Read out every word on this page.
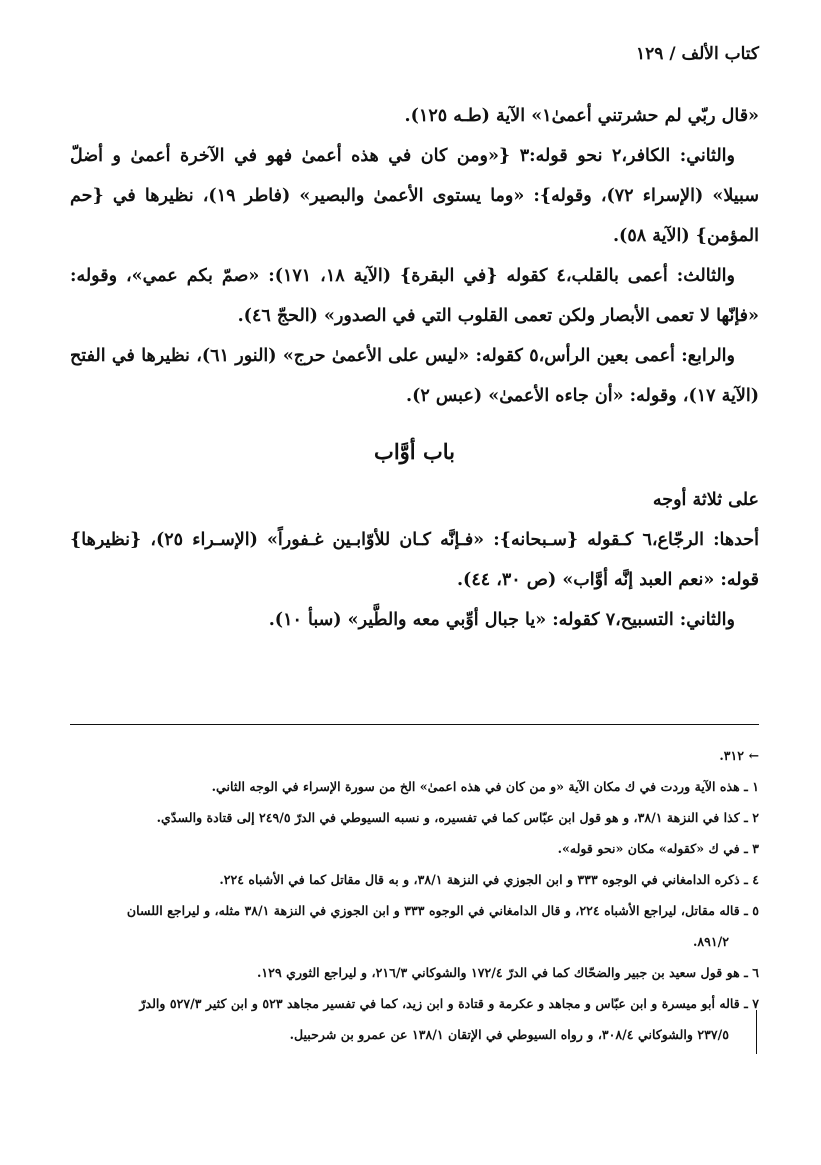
كتاب الألف / ١٢٩

«قال ربّي لم حشرتني أعمىٰ١» الآية (طـه ١٢٥).

والثاني: الكافر،٢ نحو قوله:٣ {«ومن كان في هذه أعمىٰ فهو في الآخرة أعمىٰ و أضلّ سبيلا» (الإسراء ٧٢)، وقوله}: «وما يستوى الأعمىٰ والبصير» (فاطر ١٩)، نظيرها في {حم المؤمن} (الآية ٥٨).

والثالث: أعمى بالقلب،٤ كقوله {في البقرة} (الآية ١٨، ١٧١): «صمّ بكم عمي»، وقوله: «فإنّها لا تعمى الأبصار ولكن تعمى القلوب التي في الصدور» (الحجّ ٤٦).

والرابع: أعمى بعين الرأس،٥ كقوله: «ليس على الأعمىٰ حرج» (النور ٦١)، نظيرها في الفتح (الآية ١٧)، وقوله: «أن جاءه الأعمىٰ» (عبس ٢).

باب أوَّاب

على ثلاثة أوجه

أحدها: الرجّاع،٦ كـقوله {سـبحانه}: «فـإنَّه كـان للأوّابـين غـفوراً» (الإسـراء ٢٥)، {نظيرها} قوله: «نعم العبد إنَّه أوَّاب» (ص ٣٠، ٤٤).

والثاني: التسبيح،٧ كقوله: «يا جبال أوِّبي معه والطَّير» (سبأ ١٠).

← ٣١٢.

١ ـ هذه الآية وردت في ك مكان الآية «و من كان في هذه اعمىٰ» الخ من سورة الإسراء في الوجه الثاني.

٢ ـ كذا في النزهة ٣٨/١، و هو قول ابن عبّاس كما في تفسيره، و نسبه السيوطي في الدرّ ٢٤٩/٥ إلى قتادة والسدّي.

٣ ـ في ك «كقوله» مكان «نحو قوله».

٤ ـ ذكره الدامغاني في الوجوه ٣٣٣ و ابن الجوزي في النزهة ٣٨/١، و به قال مقاتل كما في الأشباه ٢٢٤.

٥ ـ قاله مقاتل، لیراجع الأشباه ٢٢٤، و قال الدامغاني في الوجوه ٣٣٣ و ابن الجوزي في النزهة ٣٨/١ مثله، و ليراجع اللسان

٨٩١/٢.

٦ ـ هو قول سعيد بن جبير والضحّاك كما في الدرّ ١٧٢/٤ والشوكاني ٢١٦/٣، و ليراجع الثوري ١٢٩.

٧ ـ قاله أبو ميسرة و ابن عبّاس و مجاهد و عكرمة و قتادة و ابن زيد، كما في تفسير مجاهد ٥٢٣ و ابن كثير ٥٢٧/٣ والدرّ

٢٣٧/٥ والشوكاني ٣٠٨/٤، و رواه السيوطي في الإتقان ١٣٨/١ عن عمرو بن شرحبيل.
